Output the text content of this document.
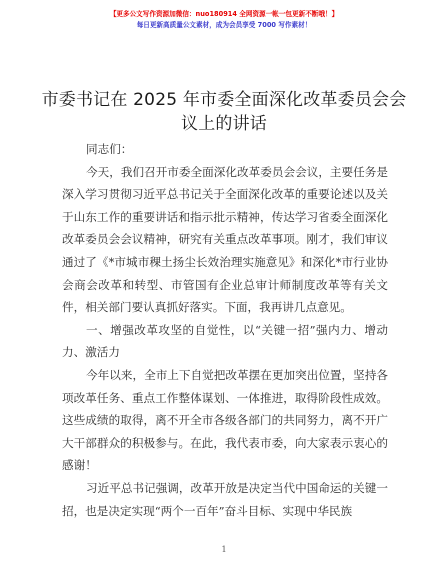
【更多公文写作资源加微信：nuo180914 全网资源一帐一包更新不断哦！】
每日更新高质量公文素材，成为会员享受 7000 写作素材！
市委书记在 2025 年市委全面深化改革委员会会
议上的讲话

同志们：

今天，我们召开市委全面深化改革委员会会议，主要任务是深入学习贯彻习近平总书记关于全面深化改革的重要论述以及关于山东工作的重要讲话和指示批示精神，传达学习省委全面深化改革委员会会议精神，研究有关重点改革事项。刚才，我们审议通过了《*市城市稞土扬尘长效治理实施意见》和深化*市行业协会商会改革和转型、市管国有企业总审计师制度改革等有关文件，相关部门要认真抓好落实。下面，我再讲几点意见。

一、增强改革攻坚的自觉性，以“关键一招”强内力、增动力、激活力

今年以来，全市上下自觉把改革摆在更加突出位置，坚持各项改革任务、重点工作整体谋划、一体推进，取得阶段性成效。这些成绩的取得，离不开全市各级各部门的共同努力，离不开广大干部群众的积极参与。在此，我代表市委，向大家表示衷心的感谢！

习近平总书记强调，改革开放是决定当代中国命运的关键一招，也是决定实现“两个一百年”奋斗目标、实现中华民族

1
